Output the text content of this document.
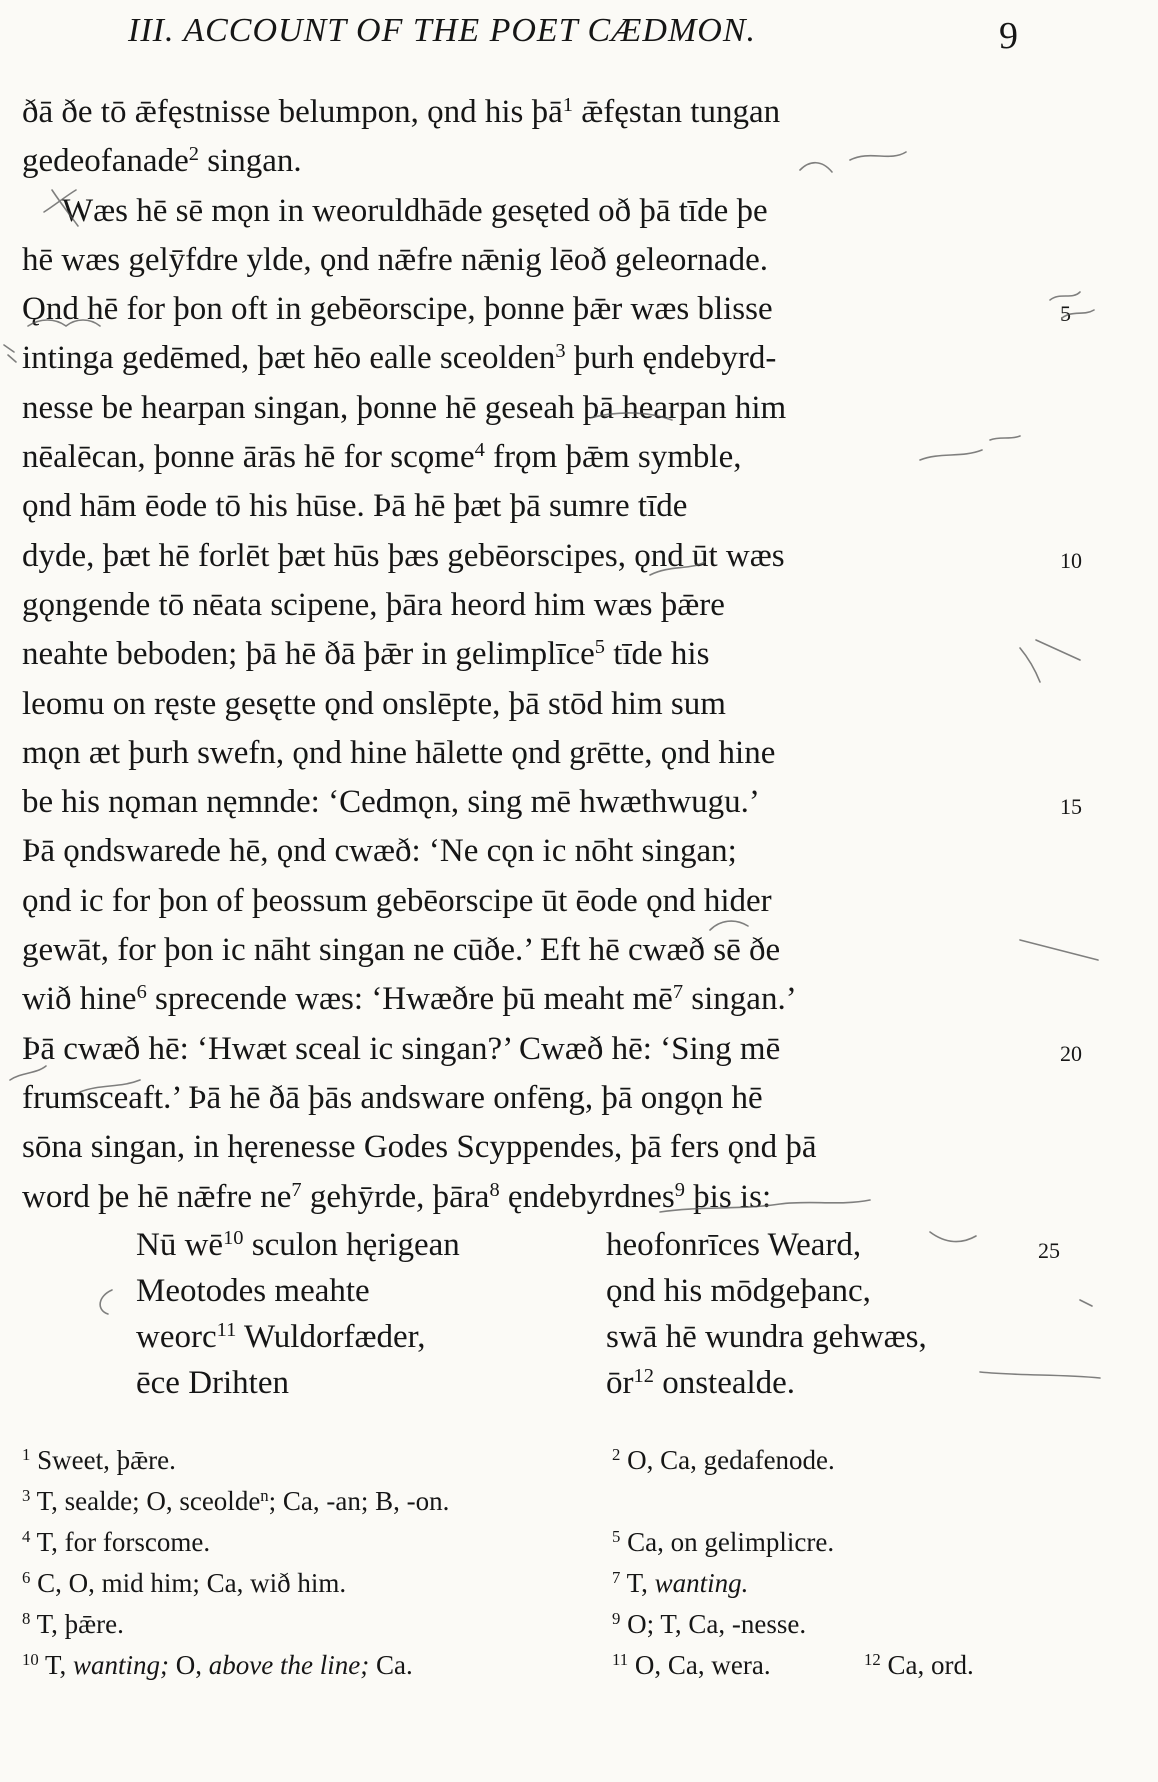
III. ACCOUNT OF THE POET CÆDMON.	9
ðā ðe tō ǣfęstnisse belumpon, ǫnd his $þā^1$ ǣfęstan tungan
gedeofanade$^2$ singan.
Wæs hē sē mǫn in weoruldhāde gesęted oð þā tīde þe
hē wæs gelȳfdre ylde, ǫnd nǣfre nǣnig lēoð geleornade.
Ǫnd hē for þon oft in gebēorscipe, þonne þǣr wæs blisse	5
intinga gedēmed, þæt hēo ealle sceolden$^3$ þurh ęndebyrd-
nesse be hearpan singan, þonne hē geseah þā hearpan him
nēalēcan, þonne ārās hē for scǫme$^4$ frǫm þǣm symble,
ǫnd hām ēode tō his hūse. Þā hē þæt þā sumre tīde
dyde, þæt hē forlēt þæt hūs þæs gebēorscipes, ǫnd ūt wæs	10
gǫngende tō nēata scipene, þāra heord him wæs þǣre
neahte beboden; þā hē ðā þǣr in gelimplīce$^5$ tīde his
leomu on ręste gesętte ǫnd onslēpte, þā stōd him sum
mǫn æt þurh swefn, ǫnd hine hālette ǫnd grētte, ǫnd hine
be his nǫman nęmnde: ‘Cedmǫn, sing mē hwæthwugu.’	15
Þā ǫndswarede hē, ǫnd cwæð: ‘Ne cǫn ic nōht singan;
ǫnd ic for þon of þeossum gebēorscipe ūt ēode ǫnd hider
gewāt, for þon ic nāht singan ne cūðe.’ Eft hē cwæð sē ðe
wið hine$^6$ sprecende wæs: ‘Hwæðre þū meaht $mē^7$ singan.’
Þā cwæð hē: ‘Hwæt sceal ic singan?’ Cwæð hē: ‘Sing mē	20
frumsceaft.’ Þā hē ðā þās andsware onfēng, þā ongǫn hē
sōna singan, in hęrenesse Godes Scyppendes, þā fers ǫnd þā
word þe hē nǣfre $ne^7$ gehȳrde, þāra$^8$ ęndebyrdnes$^9$ þis is:
Nū $wē^{10}$ sculon hęrigean	heofonrīces Weard,	25
Meotodes meahte	ǫnd his mōdgeþanc,
weorc$^{11}$ Wuldorfæder,	swā hē wundra gehwæs,
ēce Drihten	$ōr^{12}$ onstealde.
$^1$ Sweet, þǣre.	$^2$ O, Ca, gedafenode.
$^3$ T, sealde; O, sceolde$^n$; Ca, -an; B, -on.
$^4$ T, for forscome.	$^5$ Ca, on gelimplicre.
$^6$ C, O, mid him; Ca, wið him.	$^7$ T, wanting.
$^8$ T, þǣre.	$^9$ O; T, Ca, -nesse.
$^{10}$ T, wanting; O, above the line; Ca.	$^{11}$ O, Ca, wera.	$^{12}$ Ca, ord.
